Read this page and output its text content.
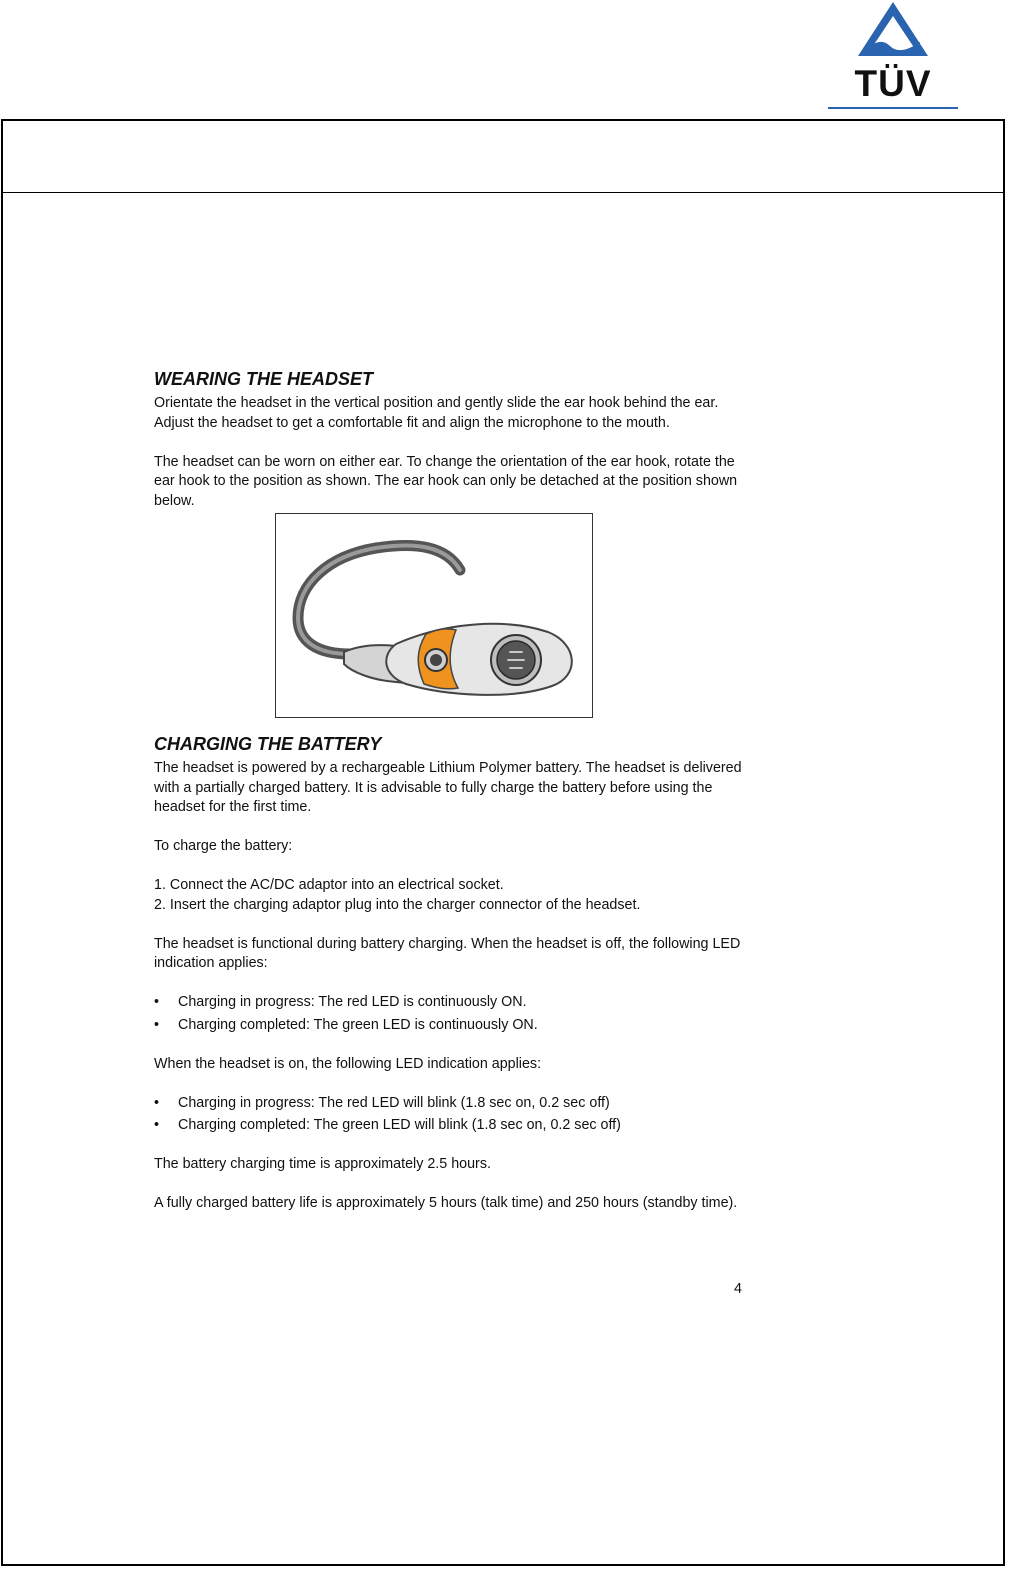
TÜV
WEARING THE HEADSET

Orientate the headset in the vertical position and gently slide the ear hook behind the ear. Adjust the headset to get a comfortable fit and align the microphone to the mouth.

The headset can be worn on either ear. To change the orientation of the ear hook, rotate the ear hook to the position as shown. The ear hook can only be detached at the position shown below.

CHARGING THE BATTERY

The headset is powered by a rechargeable Lithium Polymer battery. The headset is delivered with a partially charged battery. It is advisable to fully charge the battery before using the headset for the first time.

To charge the battery:

1. Connect the AC/DC adaptor into an electrical socket.
2. Insert the charging adaptor plug into the charger connector of the headset.

The headset is functional during battery charging. When the headset is off, the following LED indication applies:

• Charging in progress: The red LED is continuously ON.
• Charging completed: The green LED is continuously ON.

When the headset is on, the following LED indication applies:

• Charging in progress: The red LED will blink (1.8 sec on, 0.2 sec off)
• Charging completed: The green LED will blink (1.8 sec on, 0.2 sec off)

The battery charging time is approximately 2.5 hours.

A fully charged battery life is approximately 5 hours (talk time) and 250 hours (standby time).

4
